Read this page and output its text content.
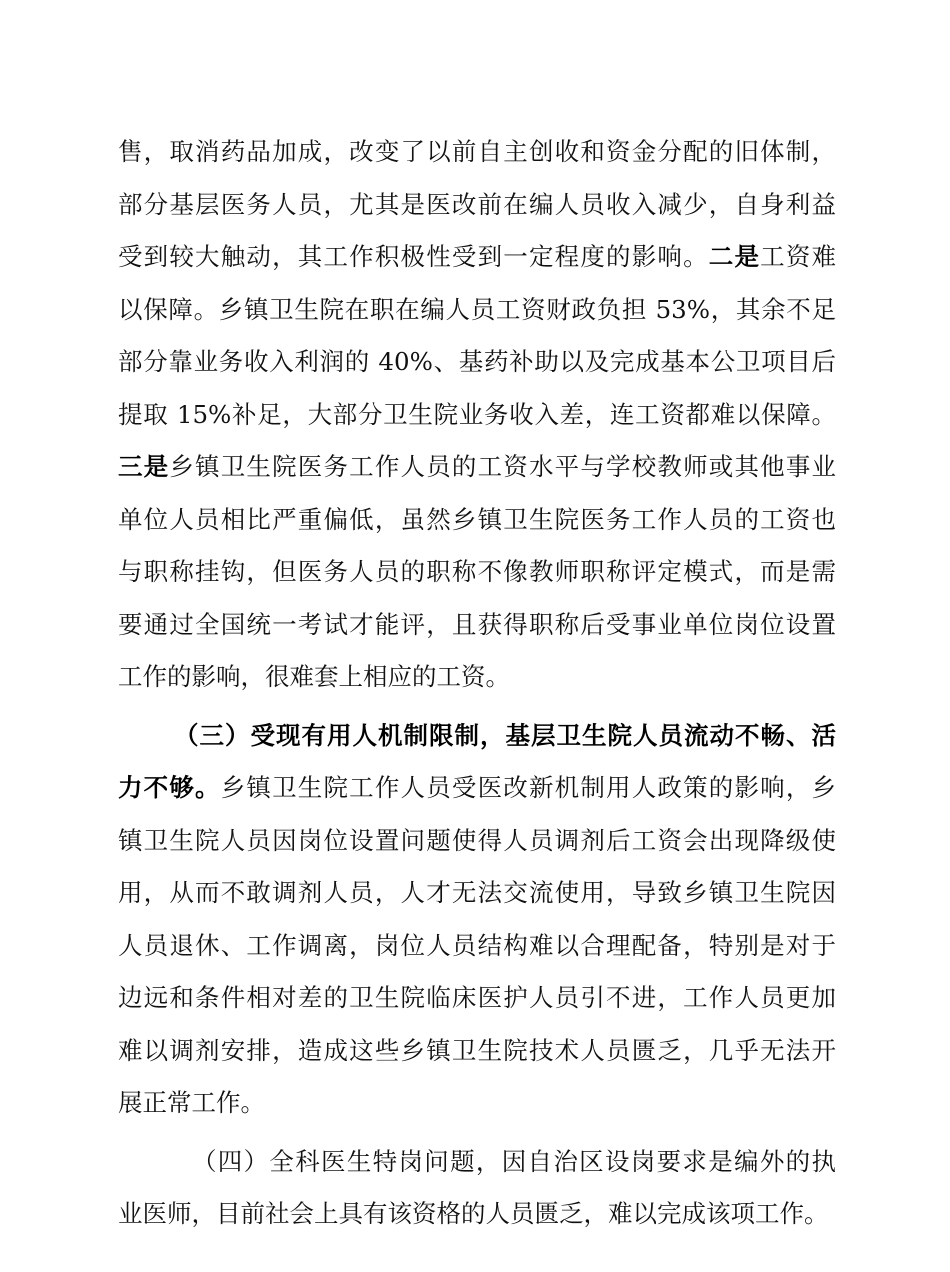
售，取消药品加成，改变了以前自主创收和资金分配的旧体制，
部分基层医务人员，尤其是医改前在编人员收入减少，自身利益
受到较大触动，其工作积极性受到一定程度的影响。二是工资难
以保障。乡镇卫生院在职在编人员工资财政负担 53%，其余不足
部分靠业务收入利润的 40%、基药补助以及完成基本公卫项目后
提取 15%补足，大部分卫生院业务收入差，连工资都难以保障。
三是乡镇卫生院医务工作人员的工资水平与学校教师或其他事业
单位人员相比严重偏低，虽然乡镇卫生院医务工作人员的工资也
与职称挂钩，但医务人员的职称不像教师职称评定模式，而是需
要通过全国统一考试才能评，且获得职称后受事业单位岗位设置
工作的影响，很难套上相应的工资。
（三）受现有用人机制限制，基层卫生院人员流动不畅、活
力不够。乡镇卫生院工作人员受医改新机制用人政策的影响，乡
镇卫生院人员因岗位设置问题使得人员调剂后工资会出现降级使
用，从而不敢调剂人员，人才无法交流使用，导致乡镇卫生院因
人员退休、工作调离，岗位人员结构难以合理配备，特别是对于
边远和条件相对差的卫生院临床医护人员引不进，工作人员更加
难以调剂安排，造成这些乡镇卫生院技术人员匮乏，几乎无法开
展正常工作。
（四）全科医生特岗问题，因自治区设岗要求是编外的执
业医师，目前社会上具有该资格的人员匮乏，难以完成该项工作。
